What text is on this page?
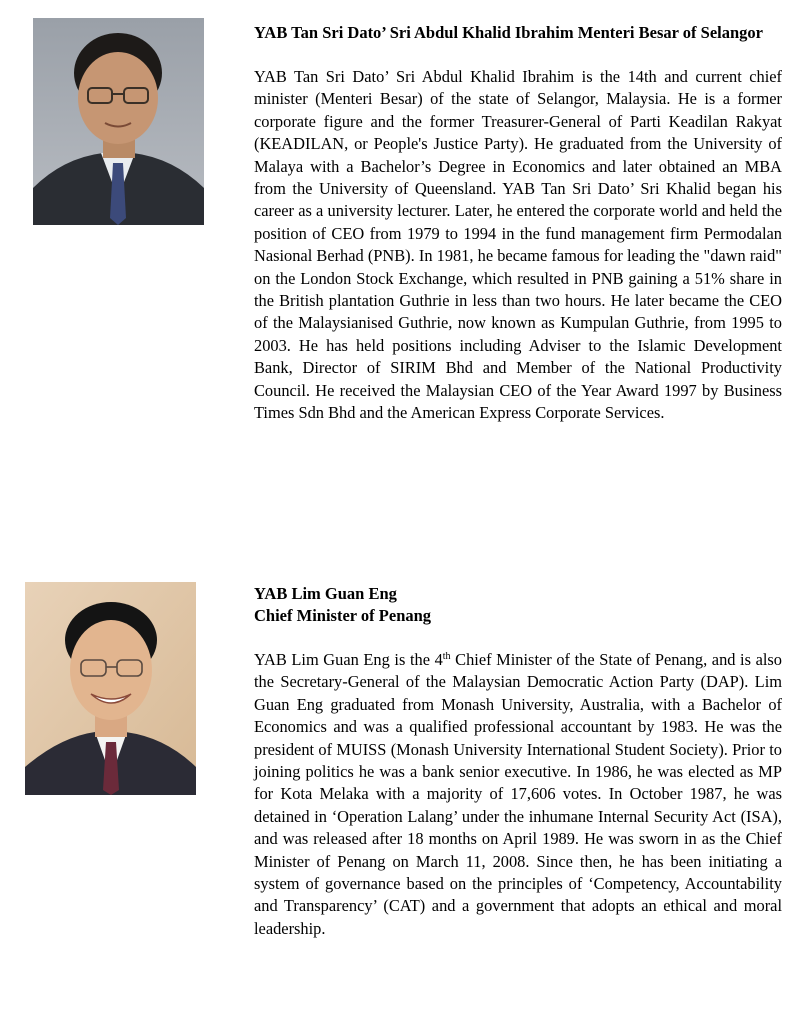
YAB Tan Sri Dato’ Sri Abdul Khalid Ibrahim Menteri Besar of Selangor

YAB Tan Sri Dato’ Sri Abdul Khalid Ibrahim is the 14th and current chief minister (Menteri Besar) of the state of Selangor, Malaysia. He is a former corporate figure and the former Treasurer-General of Parti Keadilan Rakyat (KEADILAN, or People's Justice Party). He graduated from the University of Malaya with a Bachelor’s Degree in Economics and later obtained an MBA from the University of Queensland. YAB Tan Sri Dato’ Sri Khalid began his career as a university lecturer. Later, he entered the corporate world and held the position of CEO from 1979 to 1994 in the fund management firm Permodalan Nasional Berhad (PNB). In 1981, he became famous for leading the "dawn raid" on the London Stock Exchange, which resulted in PNB gaining a 51% share in the British plantation Guthrie in less than two hours. He later became the CEO of the Malaysianised Guthrie, now known as Kumpulan Guthrie, from 1995 to 2003. He has held positions including Adviser to the Islamic Development Bank, Director of SIRIM Bhd and Member of the National Productivity Council. He received the Malaysian CEO of the Year Award 1997 by Business Times Sdn Bhd and the American Express Corporate Services.

YAB Lim Guan Eng

Chief Minister of Penang

YAB Lim Guan Eng is the 4th Chief Minister of the State of Penang, and is also the Secretary-General of the Malaysian Democratic Action Party (DAP). Lim Guan Eng graduated from Monash University, Australia, with a Bachelor of Economics and was a qualified professional accountant by 1983. He was the president of MUISS (Monash University International Student Society). Prior to joining politics he was a bank senior executive. In 1986, he was elected as MP for Kota Melaka with a majority of 17,606 votes. In October 1987, he was detained in ‘Operation Lalang’ under the inhumane Internal Security Act (ISA), and was released after 18 months on April 1989. He was sworn in as the Chief Minister of Penang on March 11, 2008. Since then, he has been initiating a system of governance based on the principles of ‘Competency, Accountability and Transparency’ (CAT) and a government that adopts an ethical and moral leadership.
